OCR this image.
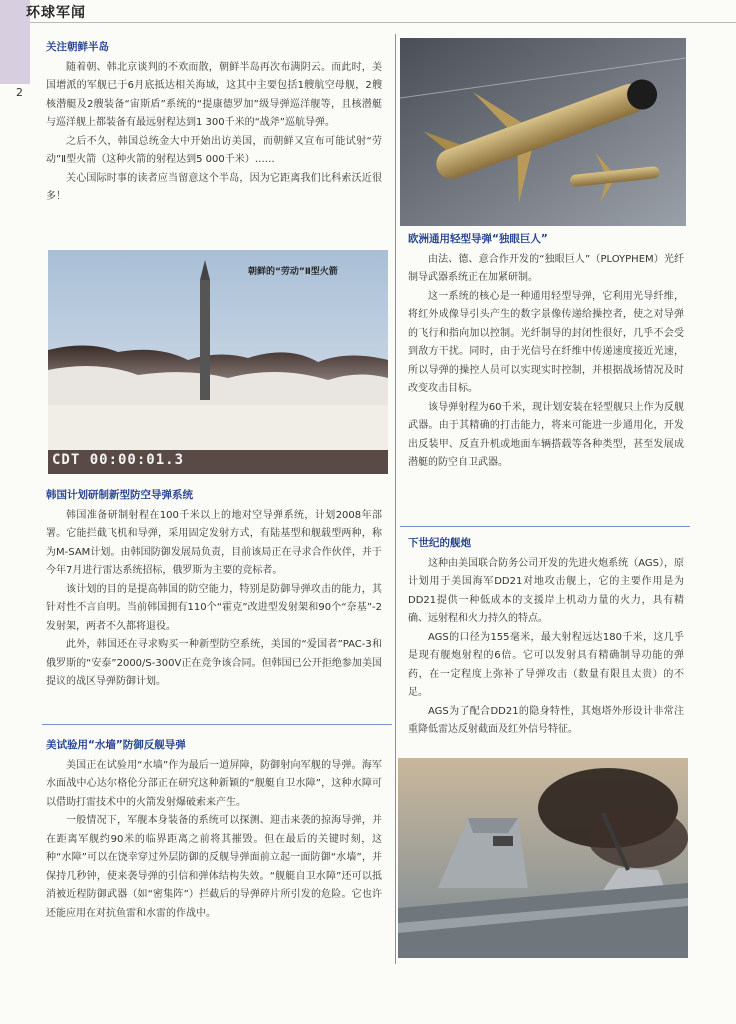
环球军闻
2
关注朝鲜半岛

随着朝、韩北京谈判的不欢而散，朝鲜半岛再次布满阴云。而此时，美国增派的军舰已于6月底抵达相关海域，这其中主要包括1艘航空母舰，2艘核潜艇及2艘装备“宙斯盾”系统的“提康德罗加”级导弹巡洋舰等，且核潜艇与巡洋舰上都装备有最远射程达到1 300千米的“战斧”巡航导弹。

之后不久，韩国总统金大中开始出访美国，而朝鲜又宣布可能试射“劳动”Ⅱ型火箭（这种火箭的射程达到5 000千米）……

关心国际时事的读者应当留意这个半岛，因为它距离我们比科索沃近很多！

朝鲜的“劳动”Ⅱ型火箭
CDT 00:00:01.3
韩国计划研制新型防空导弹系统

韩国准备研制射程在100千米以上的地对空导弹系统，计划2008年部署。它能拦截飞机和导弹，采用固定发射方式，有陆基型和舰载型两种，称为M-SAM计划。由韩国防御发展局负责，目前该局正在寻求合作伙伴，并于今年7月进行雷达系统招标，俄罗斯为主要的竞标者。

该计划的目的是提高韩国的防空能力，特别是防御导弹攻击的能力，其针对性不言自明。当前韩国拥有110个“霍克”改进型发射架和90个“奈基”-2发射架，两者不久都将退役。

此外，韩国还在寻求购买一种新型防空系统，美国的“爱国者”PAC-3和俄罗斯的“安泰”2000/S-300V正在竞争该合同。但韩国已公开拒绝参加美国提议的战区导弹防御计划。

美试验用“水墙”防御反舰导弹

美国正在试验用“水墙”作为最后一道屏障，防御射向军舰的导弹。海军水面战中心达尔格伦分部正在研究这种新颖的“舰艇自卫水障”，这种水障可以借助打雷技术中的火箭发射爆破索来产生。

一般情况下，军舰本身装备的系统可以探测、迎击来袭的掠海导弹，并在距离军舰约90米的临界距离之前将其摧毁。但在最后的关键时刻，这种“水障”可以在饶幸穿过外层防御的反舰导弹面前立起一面防御“水墙”，并保持几秒钟，使来袭导弹的引信和弹体结构失效。“舰艇自卫水障”还可以抵消被近程防御武器（如“密集阵”）拦截后的导弹碎片所引发的危险。它也许还能应用在对抗鱼雷和水雷的作战中。

欧洲通用轻型导弹“独眼巨人”

由法、德、意合作开发的“独眼巨人”（PLOYPHEM）光纤制导武器系统正在加紧研制。

这一系统的核心是一种通用轻型导弹，它利用光导纤维，将红外成像导引头产生的数字景像传递给操控者，使之对导弹的飞行和指向加以控制。光纤制导的封闭性很好，几乎不会受到敌方干扰。同时，由于光信号在纤维中传递速度接近光速，所以导弹的操控人员可以实现实时控制，并根据战场情况及时改变攻击目标。

该导弹射程为60千米，现计划安装在轻型舰只上作为反舰武器。由于其精确的打击能力，将来可能进一步通用化，开发出反装甲、反直升机或地面车辆搭载等各种类型，甚至发展成潜艇的防空自卫武器。

下世纪的舰炮

这种由美国联合防务公司开发的先进火炮系统（AGS），原计划用于美国海军DD21对地攻击舰上，它的主要作用是为DD21提供一种低成本的支援岸上机动力量的火力，具有精确、远射程和火力持久的特点。

AGS的口径为155毫米，最大射程远达180千米，这几乎是现有舰炮射程的6倍。它可以发射具有精确制导功能的弹药，在一定程度上弥补了导弹攻击（数量有限且太贵）的不足。

AGS为了配合DD21的隐身特性，其炮塔外形设计非常注重降低雷达反射截面及红外信号特征。
